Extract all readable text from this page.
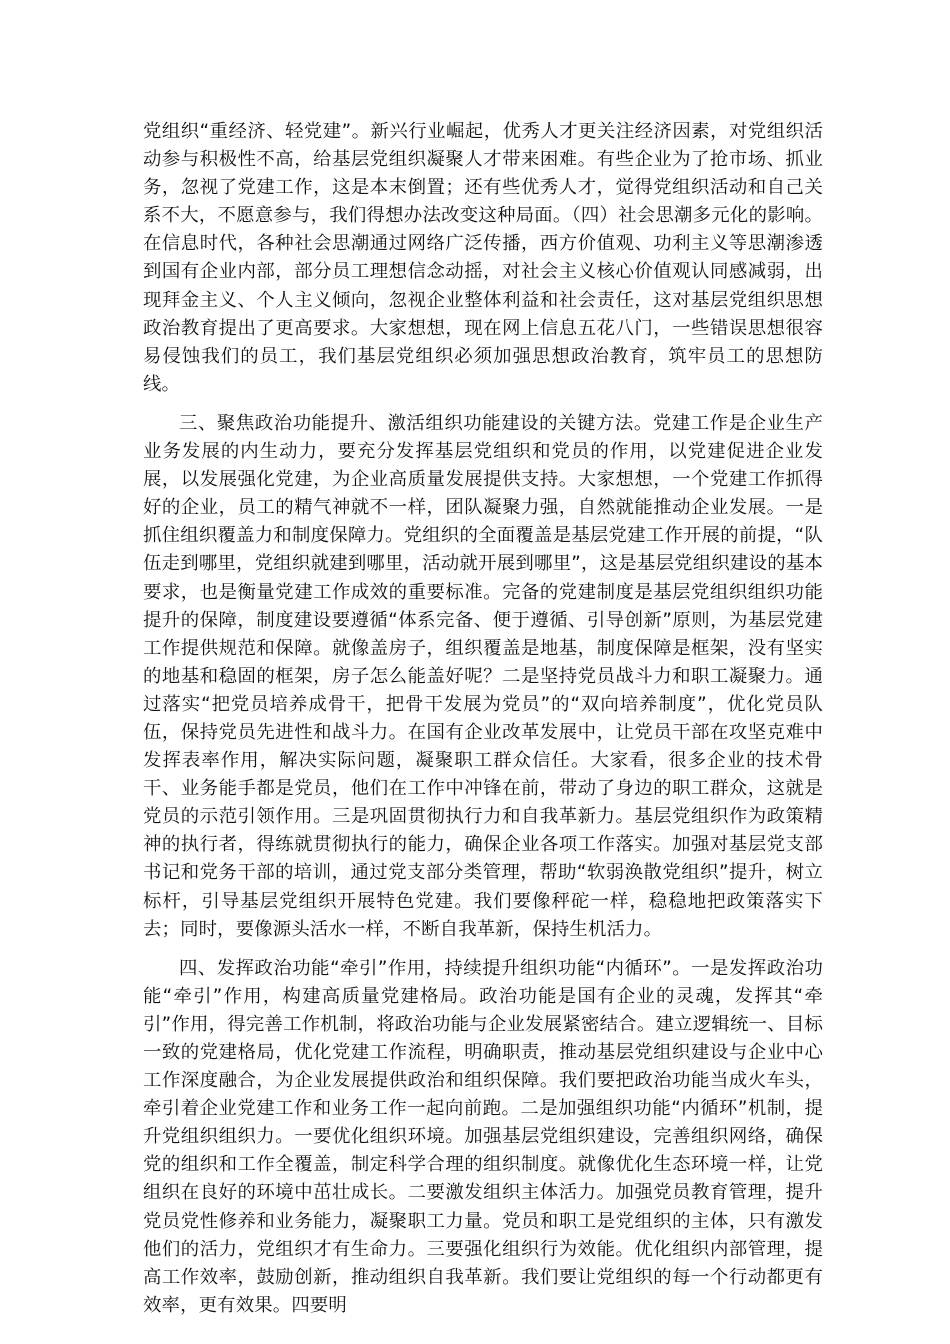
党组织“重经济、轻党建”。新兴行业崛起，优秀人才更关注经济因素，对党组织活动参与积极性不高，给基层党组织凝聚人才带来困难。有些企业为了抢市场、抓业务，忽视了党建工作，这是本末倒置；还有些优秀人才，觉得党组织活动和自己关系不大，不愿意参与，我们得想办法改变这种局面。（四）社会思潮多元化的影响。在信息时代，各种社会思潮通过网络广泛传播，西方价值观、功利主义等思潮渗透到国有企业内部，部分员工理想信念动摇，对社会主义核心价值观认同感减弱，出现拜金主义、个人主义倾向，忽视企业整体利益和社会责任，这对基层党组织思想政治教育提出了更高要求。大家想想，现在网上信息五花八门，一些错误思想很容易侵蚀我们的员工，我们基层党组织必须加强思想政治教育，筑牢员工的思想防线。

三、聚焦政治功能提升、激活组织功能建设的关键方法。党建工作是企业生产业务发展的内生动力，要充分发挥基层党组织和党员的作用，以党建促进企业发展，以发展强化党建，为企业高质量发展提供支持。大家想想，一个党建工作抓得好的企业，员工的精气神就不一样，团队凝聚力强，自然就能推动企业发展。一是抓住组织覆盖力和制度保障力。党组织的全面覆盖是基层党建工作开展的前提，“队伍走到哪里，党组织就建到哪里，活动就开展到哪里”，这是基层党组织建设的基本要求，也是衡量党建工作成效的重要标准。完备的党建制度是基层党组织组织功能提升的保障，制度建设要遵循“体系完备、便于遵循、引导创新”原则，为基层党建工作提供规范和保障。就像盖房子，组织覆盖是地基，制度保障是框架，没有坚实的地基和稳固的框架，房子怎么能盖好呢？二是坚持党员战斗力和职工凝聚力。通过落实“把党员培养成骨干，把骨干发展为党员”的“双向培养制度”，优化党员队伍，保持党员先进性和战斗力。在国有企业改革发展中，让党员干部在攻坚克难中发挥表率作用，解决实际问题，凝聚职工群众信任。大家看，很多企业的技术骨干、业务能手都是党员，他们在工作中冲锋在前，带动了身边的职工群众，这就是党员的示范引领作用。三是巩固贯彻执行力和自我革新力。基层党组织作为政策精神的执行者，得练就贯彻执行的能力，确保企业各项工作落实。加强对基层党支部书记和党务干部的培训，通过党支部分类管理，帮助“软弱涣散党组织”提升，树立标杆，引导基层党组织开展特色党建。我们要像秤砣一样，稳稳地把政策落实下去；同时，要像源头活水一样，不断自我革新，保持生机活力。

四、发挥政治功能“牵引”作用，持续提升组织功能“内循环”。一是发挥政治功能“牵引”作用，构建高质量党建格局。政治功能是国有企业的灵魂，发挥其“牵引”作用，得完善工作机制，将政治功能与企业发展紧密结合。建立逻辑统一、目标一致的党建格局，优化党建工作流程，明确职责，推动基层党组织建设与企业中心工作深度融合，为企业发展提供政治和组织保障。我们要把政治功能当成火车头，牵引着企业党建工作和业务工作一起向前跑。二是加强组织功能“内循环”机制，提升党组织组织力。一要优化组织环境。加强基层党组织建设，完善组织网络，确保党的组织和工作全覆盖，制定科学合理的组织制度。就像优化生态环境一样，让党组织在良好的环境中茁壮成长。二要激发组织主体活力。加强党员教育管理，提升党员党性修养和业务能力，凝聚职工力量。党员和职工是党组织的主体，只有激发他们的活力，党组织才有生命力。三要强化组织行为效能。优化组织内部管理，提高工作效率，鼓励创新，推动组织自我革新。我们要让党组织的每一个行动都更有效率，更有效果。四要明
